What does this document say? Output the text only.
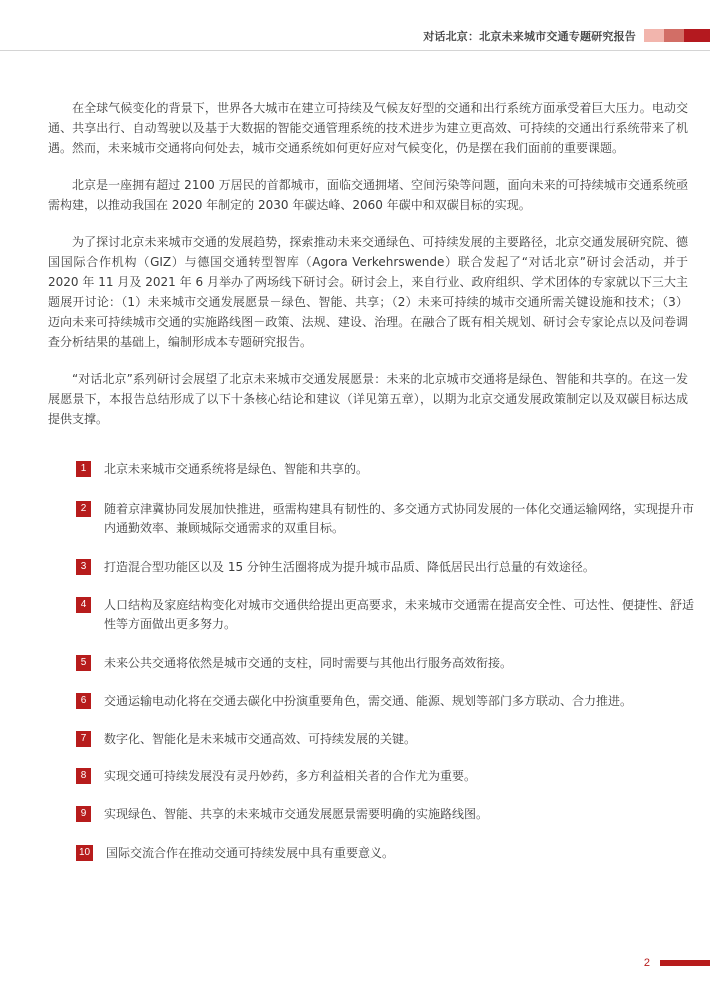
对话北京：北京未来城市交通专题研究报告

在全球气候变化的背景下，世界各大城市在建立可持续及气候友好型的交通和出行系统方面承受着巨大压力。电动交通、共享出行、自动驾驶以及基于大数据的智能交通管理系统的技术进步为建立更高效、可持续的交通出行系统带来了机遇。然而，未来城市交通将向何处去，城市交通系统如何更好应对气候变化，仍是摆在我们面前的重要课题。

北京是一座拥有超过 2100 万居民的首都城市，面临交通拥堵、空间污染等问题，面向未来的可持续城市交通系统亟需构建，以推动我国在 2020 年制定的 2030 年碳达峰、2060 年碳中和双碳目标的实现。

为了探讨北京未来城市交通的发展趋势，探索推动未来交通绿色、可持续发展的主要路径，北京交通发展研究院、德国国际合作机构（GIZ）与德国交通转型智库（Agora Verkehrswende）联合发起了“对话北京”研讨会活动，并于 2020 年 11 月及 2021 年 6 月举办了两场线下研讨会。研讨会上，来自行业、政府组织、学术团体的专家就以下三大主题展开讨论：（1）未来城市交通发展愿景－绿色、智能、共享；（2）未来可持续的城市交通所需关键设施和技术；（3）迈向未来可持续城市交通的实施路线图－政策、法规、建设、治理。在融合了既有相关规划、研讨会专家论点以及问卷调查分析结果的基础上，编制形成本专题研究报告。

“对话北京”系列研讨会展望了北京未来城市交通发展愿景：未来的北京城市交通将是绿色、智能和共享的。在这一发展愿景下，本报告总结形成了以下十条核心结论和建议（详见第五章），以期为北京交通发展政策制定以及双碳目标达成提供支撑。

1	北京未来城市交通系统将是绿色、智能和共享的。
2	随着京津冀协同发展加快推进，亟需构建具有韧性的、多交通方式协同发展的一体化交通运输网络，实现提升市内通勤效率、兼顾城际交通需求的双重目标。
3	打造混合型功能区以及 15 分钟生活圈将成为提升城市品质、降低居民出行总量的有效途径。
4	人口结构及家庭结构变化对城市交通供给提出更高要求，未来城市交通需在提高安全性、可达性、便捷性、舒适性等方面做出更多努力。
5	未来公共交通将依然是城市交通的支柱，同时需要与其他出行服务高效衔接。
6	交通运输电动化将在交通去碳化中扮演重要角色，需交通、能源、规划等部门多方联动、合力推进。
7	数字化、智能化是未来城市交通高效、可持续发展的关键。
8	实现交通可持续发展没有灵丹妙药，多方利益相关者的合作尤为重要。
9	实现绿色、智能、共享的未来城市交通发展愿景需要明确的实施路线图。
10 国际交流合作在推动交通可持续发展中具有重要意义。
2
